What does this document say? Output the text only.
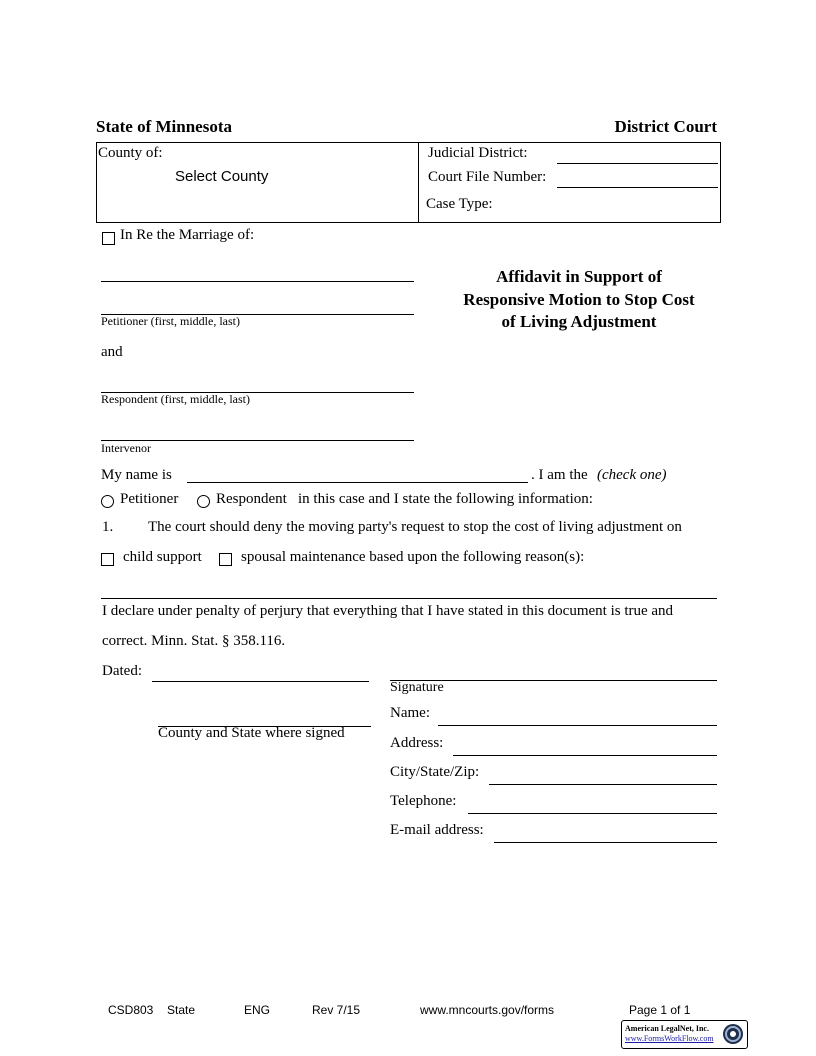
State of Minnesota	District Court
County of:
Select County
Judicial District:
Court File Number:
Case Type:
In Re the Marriage of:
Petitioner (first, middle, last)
and
Respondent (first, middle, last)
Intervenor
Affidavit in Support of
Responsive Motion to Stop Cost
of Living Adjustment
My name is	. I am the (check one)
Petitioner	Respondent in this case and I state the following information:
1. The court should deny the moving party's request to stop the cost of living adjustment on
child support	spousal maintenance based upon the following reason(s):
I declare under penalty of perjury that everything that I have stated in this document is true and
correct. Minn. Stat. § 358.116.
Dated:
Signature
County and State where signed
Name:
Address:
City/State/Zip:
Telephone:
E-mail address:
CSD803 State	ENG	Rev 7/15	www.mncourts.gov/forms	Page 1 of 1
American LegalNet, Inc.
www.FormsWorkFlow.com
